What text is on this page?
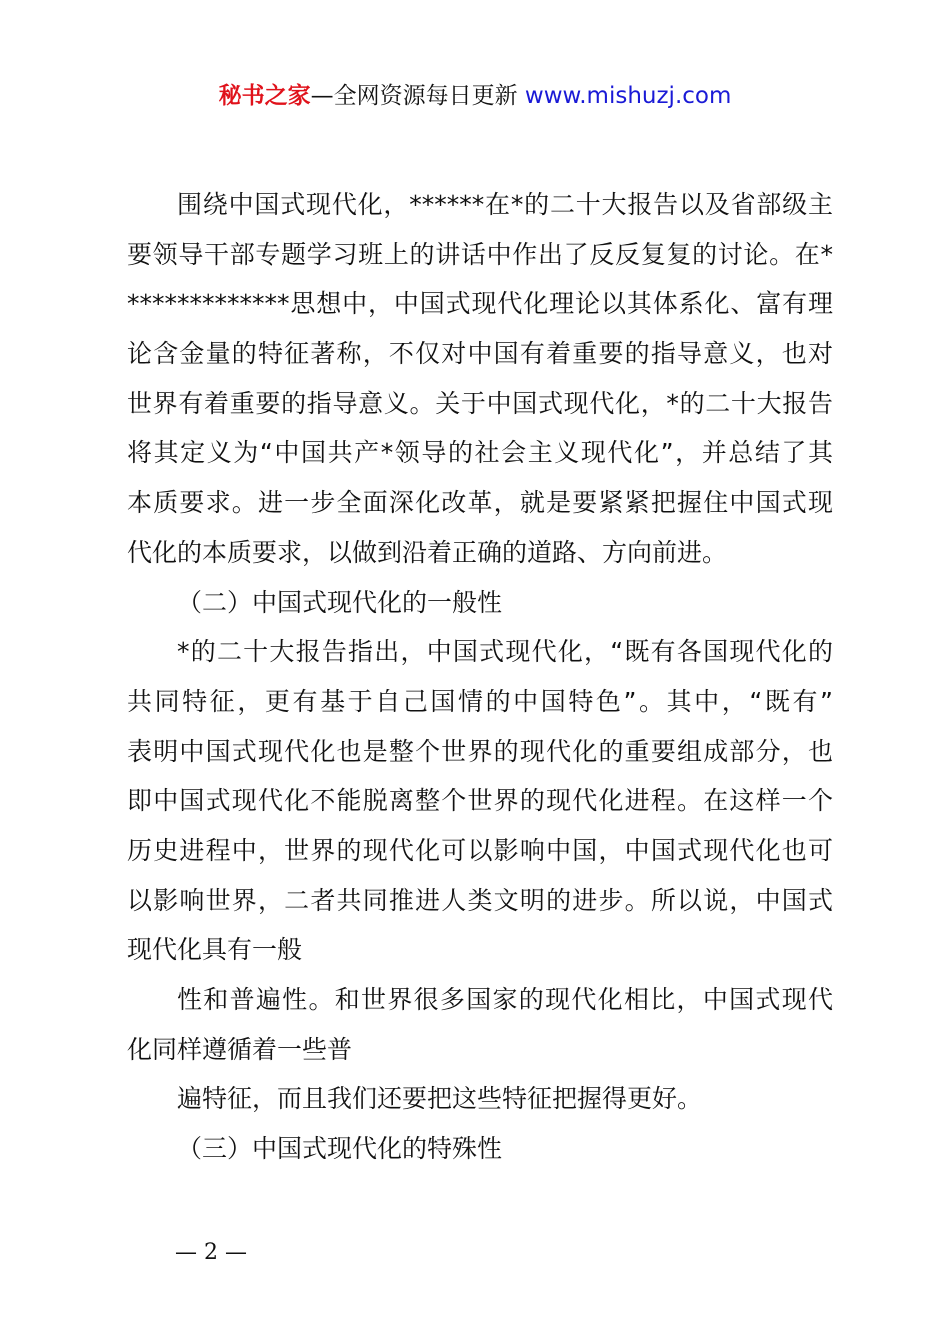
秘书之家—全网资源每日更新 www.mishuzj.com
围绕中国式现代化，******在*的二十大报告以及省部级主
要领导干部专题学习班上的讲话中作出了反反复复的讨论。在*
*************思想中，中国式现代化理论以其体系化、富有理
论含金量的特征著称，不仅对中国有着重要的指导意义，也对
世界有着重要的指导意义。关于中国式现代化，*的二十大报告
将其定义为“中国共产*领导的社会主义现代化”，并总结了其
本质要求。进一步全面深化改革，就是要紧紧把握住中国式现
代化的本质要求，以做到沿着正确的道路、方向前进。
（二）中国式现代化的一般性
*的二十大报告指出，中国式现代化，“既有各国现代化的
共同特征，更有基于自己国情的中国特色”。其中，“既有”
表明中国式现代化也是整个世界的现代化的重要组成部分，也
即中国式现代化不能脱离整个世界的现代化进程。在这样一个
历史进程中，世界的现代化可以影响中国，中国式现代化也可
以影响世界，二者共同推进人类文明的进步。所以说，中国式
现代化具有一般
性和普遍性。和世界很多国家的现代化相比，中国式现代
化同样遵循着一些普
遍特征，而且我们还要把这些特征把握得更好。
（三）中国式现代化的特殊性
— 2 —
